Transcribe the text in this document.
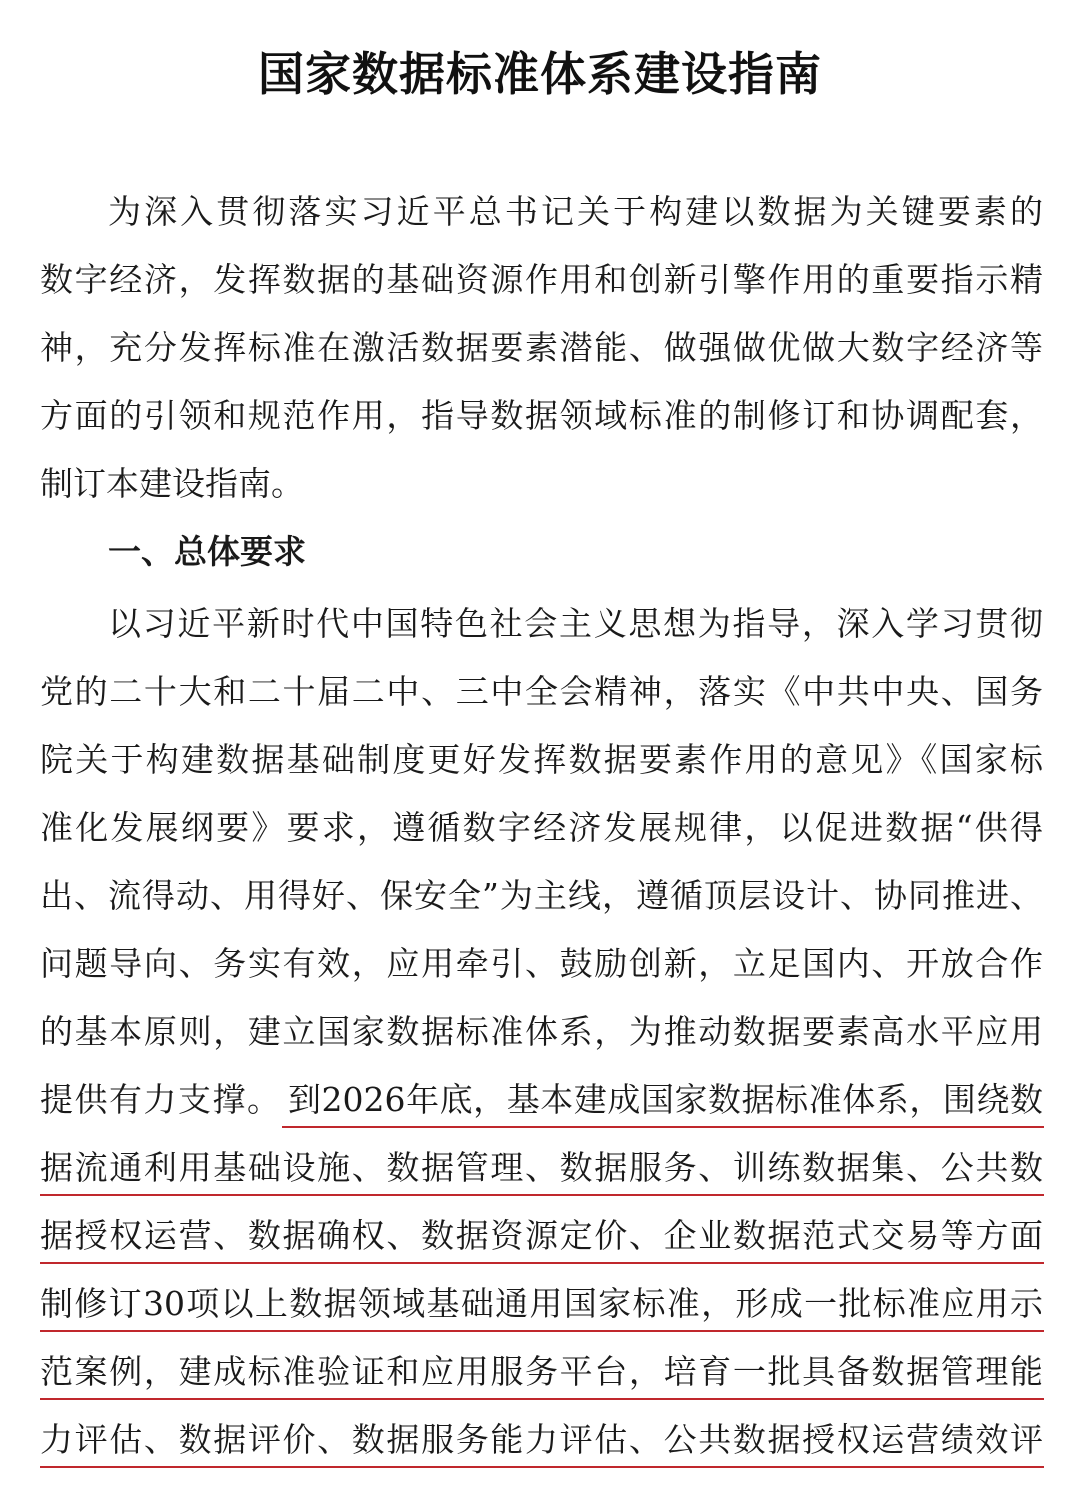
国家数据标准体系建设指南
为深入贯彻落实习近平总书记关于构建以数据为关键要素的
数字经济，发挥数据的基础资源作用和创新引擎作用的重要指示精
神，充分发挥标准在激活数据要素潜能、做强做优做大数字经济等
方面的引领和规范作用，指导数据领域标准的制修订和协调配套，
制订本建设指南。
一、总体要求
以习近平新时代中国特色社会主义思想为指导，深入学习贯彻
党的二十大和二十届二中、三中全会精神，落实《中共中央、国务
院关于构建数据基础制度更好发挥数据要素作用的意见》《国家标
准化发展纲要》要求，遵循数字经济发展规律，以促进数据“供得
出、流得动、用得好、保安全”为主线，遵循顶层设计、协同推进、
问题导向、务实有效，应用牵引、鼓励创新，立足国内、开放合作
的基本原则，建立国家数据标准体系，为推动数据要素高水平应用
提供有力支撑。 到2026年底，基本建成国家数据标准体系，围绕数
据流通利用基础设施、数据管理、数据服务、训练数据集、公共数
据授权运营、数据确权、数据资源定价、企业数据范式交易等方面
制修订30项以上数据领域基础通用国家标准，形成一批标准应用示
范案例，建成标准验证和应用服务平台，培育一批具备数据管理能
力评估、数据评价、数据服务能力评估、公共数据授权运营绩效评
